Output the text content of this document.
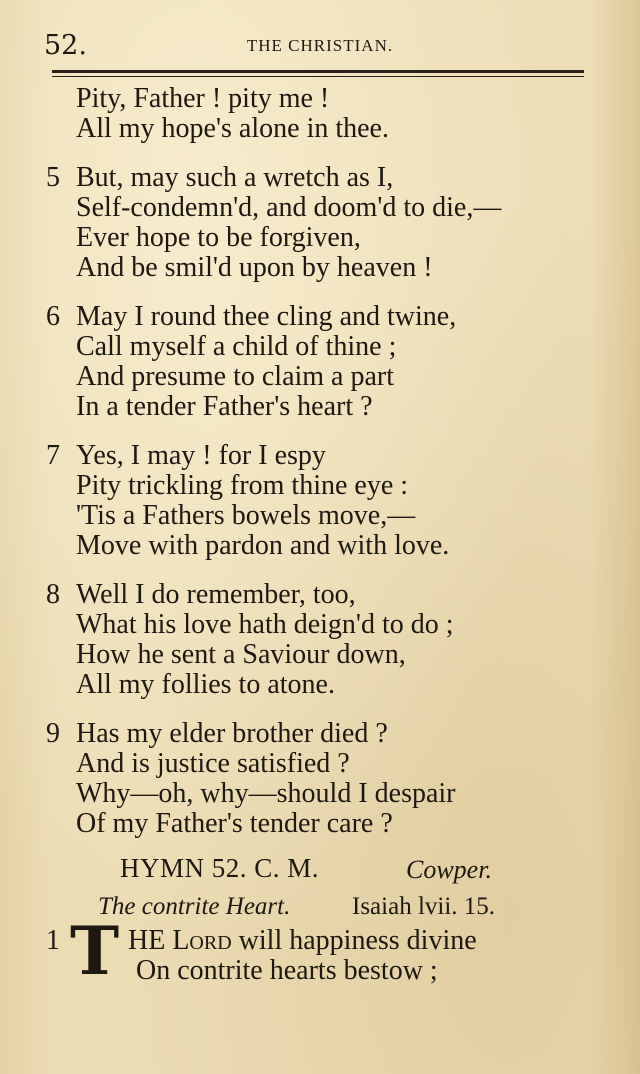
52.	THE CHRISTIAN.
Pity, Father ! pity me !
All my hope's alone in thee.
5 But, may such a wretch as I,
Self-condemn'd, and doom'd to die,—
Ever hope to be forgiven,
And be smil'd upon by heaven !
6 May I round thee cling and twine,
Call myself a child of thine ;
And presume to claim a part
In a tender Father's heart ?
7 Yes, I may ! for I espy
Pity trickling from thine eye :
'Tis a Fathers bowels move,—
Move with pardon and with love.
8 Well I do remember, too,
What his love hath deign'd to do ;
How he sent a Saviour down,
All my follies to atone.
9 Has my elder brother died ?
And is justice satisfied ?
Why—oh, why—should I despair
Of my Father's tender care ?
HYMN 52. C. M.	Cowper.
The contrite Heart. Isaiah lvii. 15.
1 T HE Lord will happiness divine
On contrite hearts bestow ;
